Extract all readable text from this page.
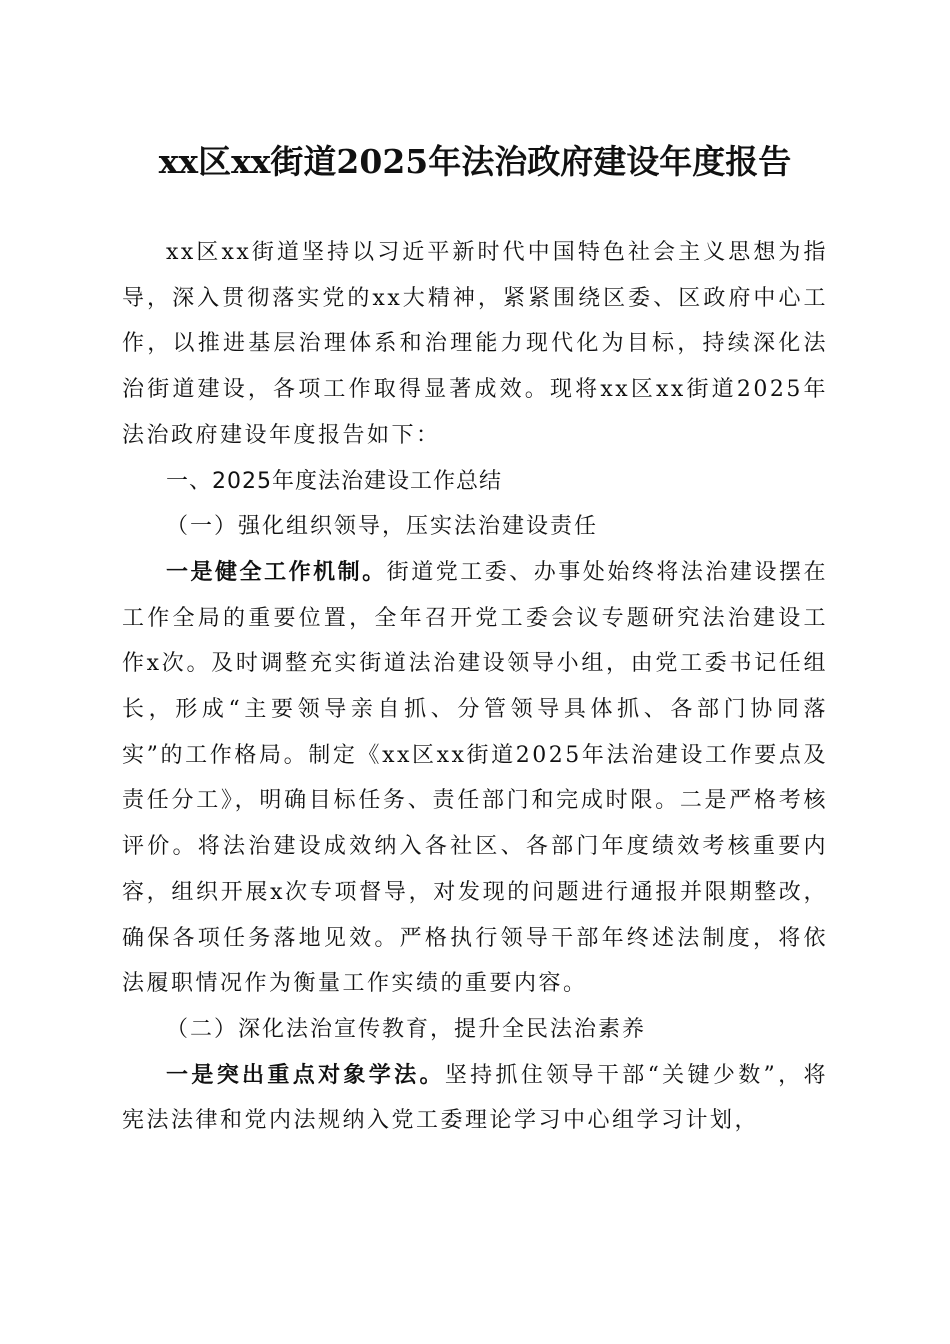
xx区xx街道2025年法治政府建设年度报告

xx区xx街道坚持以习近平新时代中国特色社会主义思想为指导，深入贯彻落实党的xx大精神，紧紧围绕区委、区政府中心工作，以推进基层治理体系和治理能力现代化为目标，持续深化法治街道建设，各项工作取得显著成效。现将xx区xx街道2025年法治政府建设年度报告如下：

一、2025年度法治建设工作总结

（一）强化组织领导，压实法治建设责任

一是健全工作机制。街道党工委、办事处始终将法治建设摆在工作全局的重要位置，全年召开党工委会议专题研究法治建设工作x次。及时调整充实街道法治建设领导小组，由党工委书记任组长，形成“主要领导亲自抓、分管领导具体抓、各部门协同落实”的工作格局。制定《xx区xx街道2025年法治建设工作要点及责任分工》，明确目标任务、责任部门和完成时限。二是严格考核评价。将法治建设成效纳入各社区、各部门年度绩效考核重要内容，组织开展x次专项督导，对发现的问题进行通报并限期整改，确保各项任务落地见效。严格执行领导干部年终述法制度，将依法履职情况作为衡量工作实绩的重要内容。

（二）深化法治宣传教育，提升全民法治素养

一是突出重点对象学法。坚持抓住领导干部“关键少数”，将宪法法律和党内法规纳入党工委理论学习中心组学习计划，
